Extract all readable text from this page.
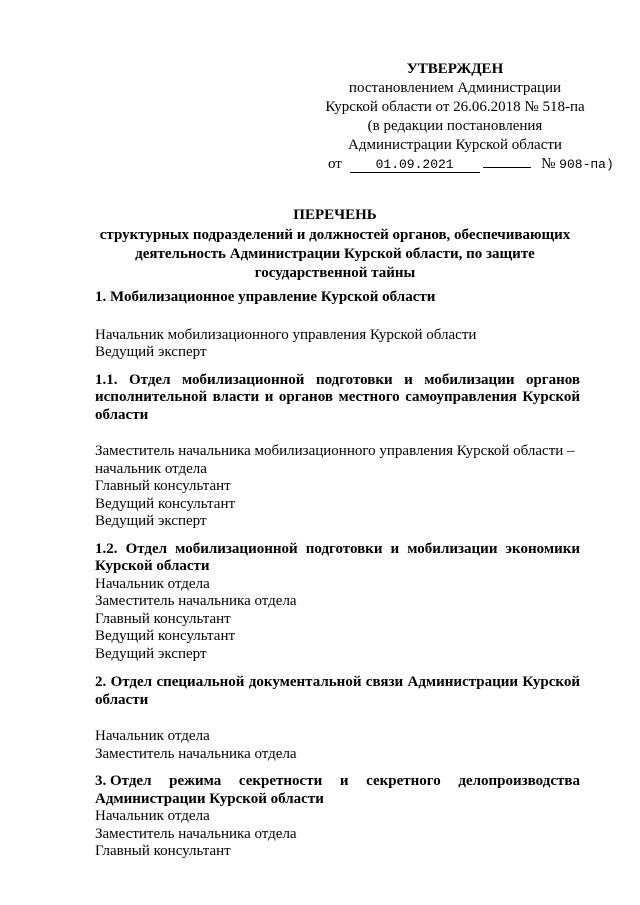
УТВЕРЖДЕН
постановлением Администрации
Курской области от 26.06.2018 № 518-па
(в редакции постановления
Администрации Курской области
от	01.09.2021	№ 908-па)
ПЕРЕЧЕНЬ
структурных подразделений и должностей органов, обеспечивающих
деятельность Администрации Курской области, по защите
государственной тайны
1. Мобилизационное управление Курской области
Начальник мобилизационного управления Курской области
Ведущий эксперт
1.1. Отдел мобилизационной подготовки и мобилизации органов
исполнительной власти и органов местного самоуправления Курской
области
Заместитель начальника мобилизационного управления Курской области –
начальник отдела
Главный консультант
Ведущий консультант
Ведущий эксперт
1.2. Отдел мобилизационной подготовки и мобилизации экономики
Курской области
Начальник отдела
Заместитель начальника отдела
Главный консультант
Ведущий консультант
Ведущий эксперт
2. Отдел специальной документальной связи Администрации Курской
области
Начальник отдела
Заместитель начальника отдела
3. Отдел режима секретности и секретного делопроизводства
Администрации Курской области
Начальник отдела
Заместитель начальника отдела
Главный консультант
